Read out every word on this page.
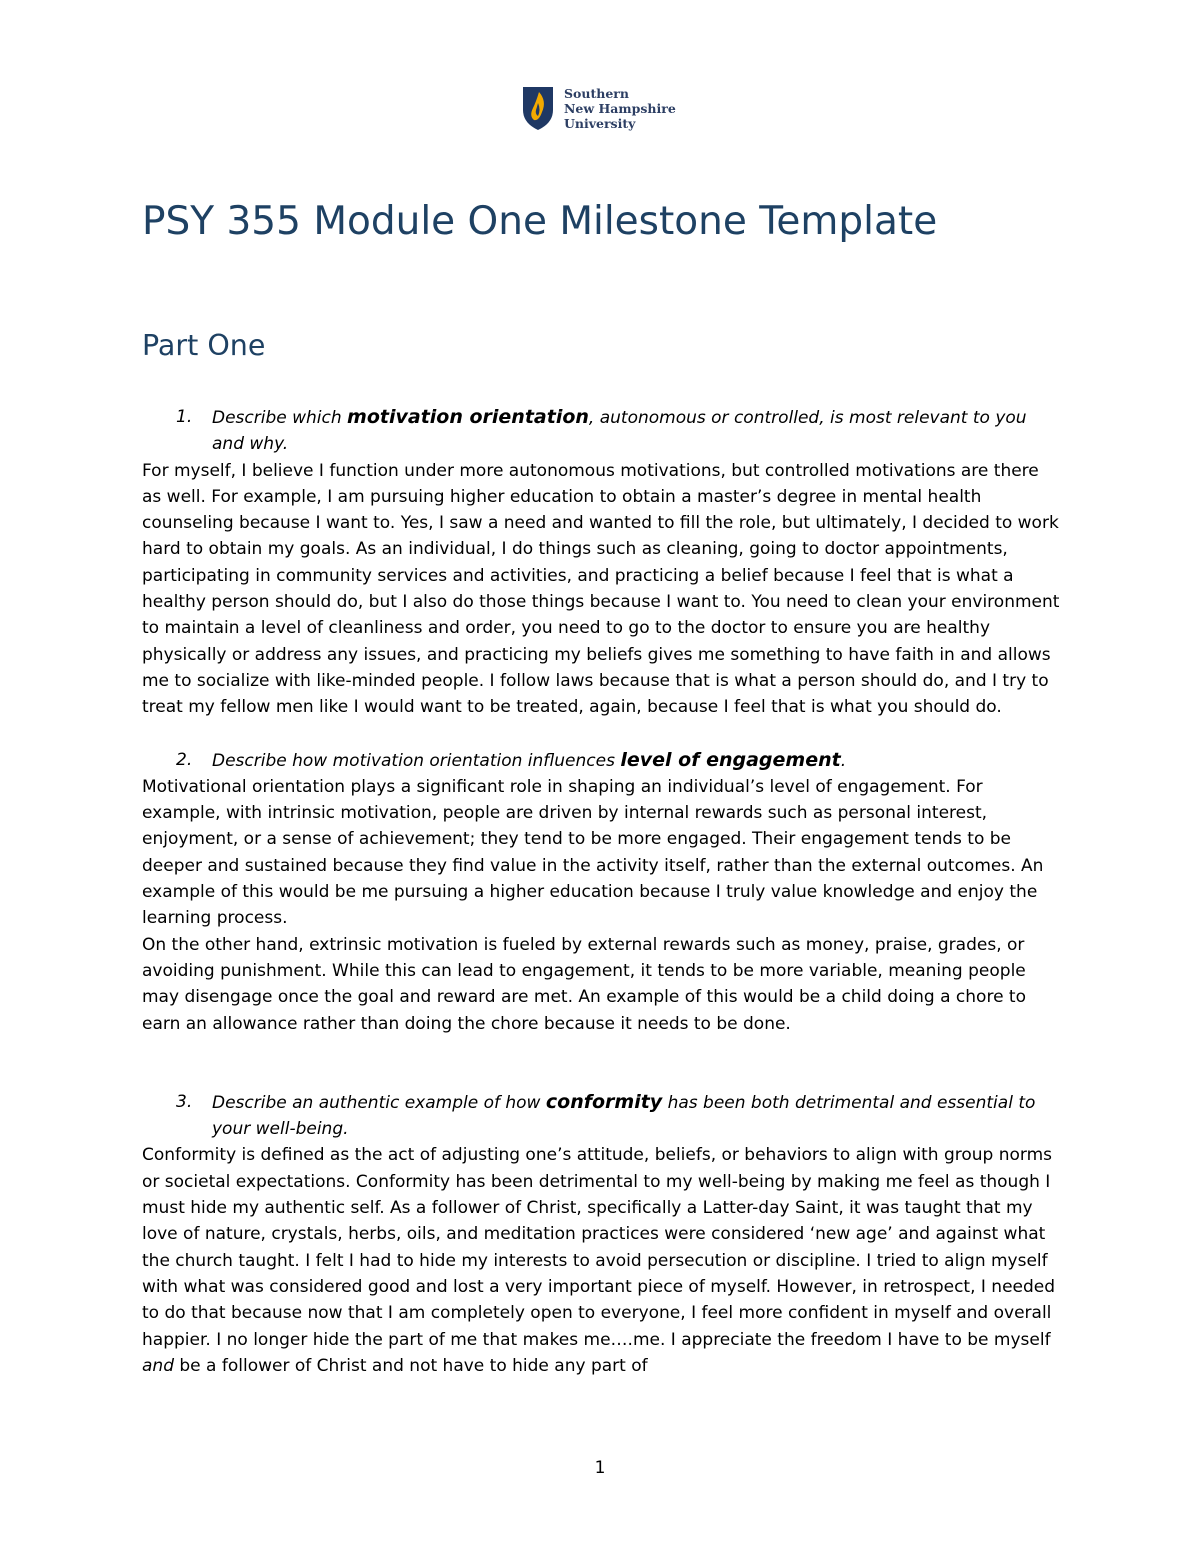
Southern
New Hampshire
University
PSY 355 Module One Milestone Template
Part One
1. Describe which motivation orientation, autonomous or controlled, is most relevant to you and why.

For myself, I believe I function under more autonomous motivations, but controlled motivations are there as well. For example, I am pursuing higher education to obtain a master’s degree in mental health counseling because I want to. Yes, I saw a need and wanted to fill the role, but ultimately, I decided to work hard to obtain my goals. As an individual, I do things such as cleaning, going to doctor appointments, participating in community services and activities, and practicing a belief because I feel that is what a healthy person should do, but I also do those things because I want to. You need to clean your environment to maintain a level of cleanliness and order, you need to go to the doctor to ensure you are healthy physically or address any issues, and practicing my beliefs gives me something to have faith in and allows me to socialize with like-minded people. I follow laws because that is what a person should do, and I try to treat my fellow men like I would want to be treated, again, because I feel that is what you should do.

2. Describe how motivation orientation influences level of engagement.

Motivational orientation plays a significant role in shaping an individual’s level of engagement. For example, with intrinsic motivation, people are driven by internal rewards such as personal interest, enjoyment, or a sense of achievement; they tend to be more engaged. Their engagement tends to be deeper and sustained because they find value in the activity itself, rather than the external outcomes. An example of this would be me pursuing a higher education because I truly value knowledge and enjoy the learning process.

On the other hand, extrinsic motivation is fueled by external rewards such as money, praise, grades, or avoiding punishment. While this can lead to engagement, it tends to be more variable, meaning people may disengage once the goal and reward are met. An example of this would be a child doing a chore to earn an allowance rather than doing the chore because it needs to be done.

3. Describe an authentic example of how conformity has been both detrimental and essential to your well-being.

Conformity is defined as the act of adjusting one’s attitude, beliefs, or behaviors to align with group norms or societal expectations. Conformity has been detrimental to my well-being by making me feel as though I must hide my authentic self. As a follower of Christ, specifically a Latter-day Saint, it was taught that my love of nature, crystals, herbs, oils, and meditation practices were considered ‘new age’ and against what the church taught. I felt I had to hide my interests to avoid persecution or discipline. I tried to align myself with what was considered good and lost a very important piece of myself. However, in retrospect, I needed to do that because now that I am completely open to everyone, I feel more confident in myself and overall happier. I no longer hide the part of me that makes me….me. I appreciate the freedom I have to be myself and be a follower of Christ and not have to hide any part of

1
